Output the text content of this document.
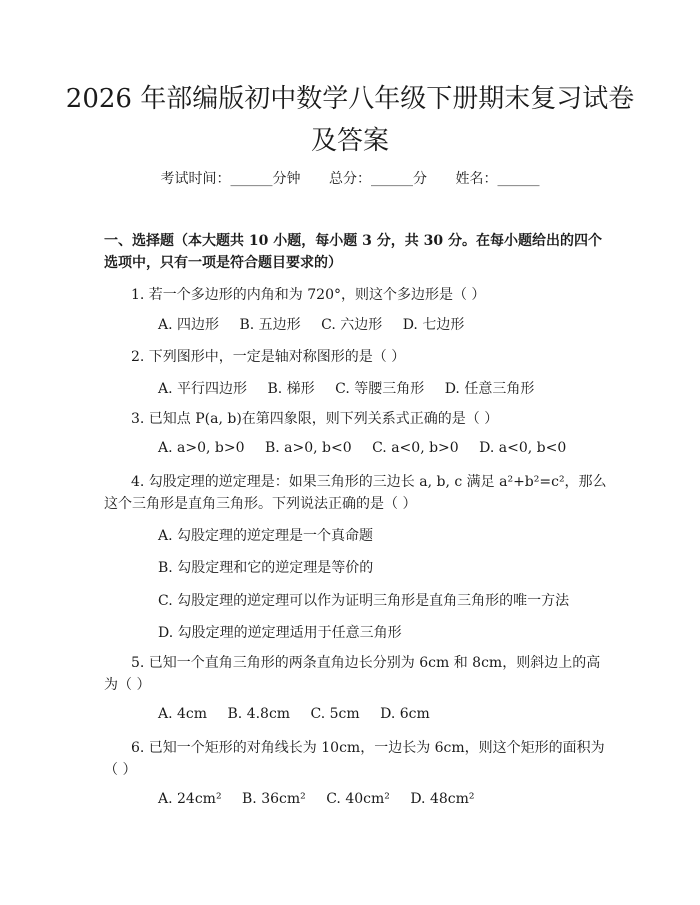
2026 年部编版初中数学八年级下册期末复习试卷及答案
考试时间：______分钟 总分：______分 姓名：______
一、选择题（本大题共 10 小题，每小题 3 分，共 30 分。在每小题给出的四个选项中，只有一项是符合题目要求的）
1. 若一个多边形的内角和为 720°，则这个多边形是（ ）
A. 四边形 B. 五边形 C. 六边形 D. 七边形
2. 下列图形中，一定是轴对称图形的是（ ）
A. 平行四边形 B. 梯形 C. 等腰三角形 D. 任意三角形
3. 已知点 P(a, b)在第四象限，则下列关系式正确的是（ ）
A. a>0, b>0 B. a>0, b<0 C. a<0, b>0 D. a<0, b<0
4. 勾股定理的逆定理是：如果三角形的三边长 a, b, c 满足 a²+b²=c²，那么这个三角形是直角三角形。下列说法正确的是（ ）
A. 勾股定理的逆定理是一个真命题
B. 勾股定理和它的逆定理是等价的
C. 勾股定理的逆定理可以作为证明三角形是直角三角形的唯一方法
D. 勾股定理的逆定理适用于任意三角形
5. 已知一个直角三角形的两条直角边长分别为 6cm 和 8cm，则斜边上的高为（ ）
A. 4cm B. 4.8cm C. 5cm D. 6cm
6. 已知一个矩形的对角线长为 10cm，一边长为 6cm，则这个矩形的面积为（ ）
A. 24cm² B. 36cm² C. 40cm² D. 48cm²
